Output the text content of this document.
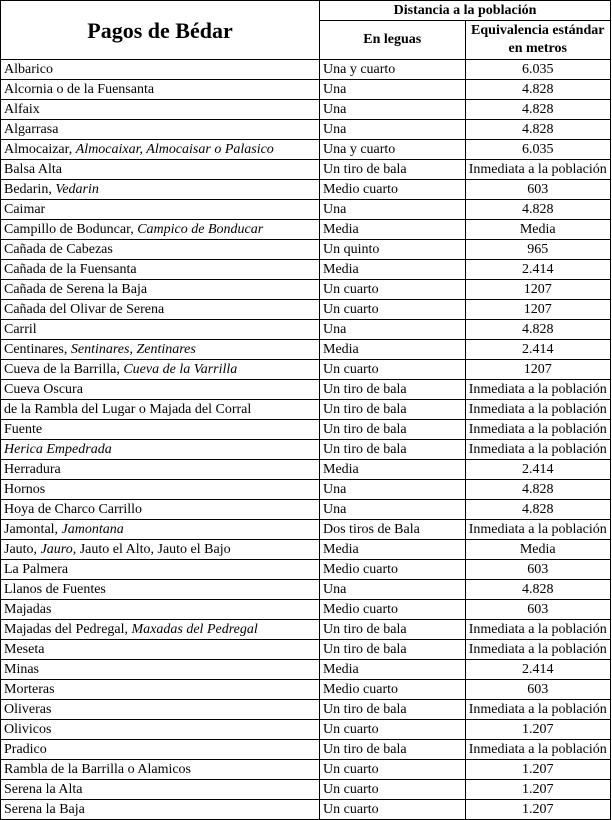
Pagos de Bédar	Distancia a la población	
	En leguas	Equivalencia estándar en metros
Albarico	Una y cuarto	6.035
Alcornia o de la Fuensanta	Una	4.828
Alfaix	Una	4.828
Algarrasa	Una	4.828
Almocaizar, Almocaixar, Almocaisar o Palasico	Una y cuarto	6.035
Balsa Alta	Un tiro de bala	Inmediata a la población
Bedarin, Vedarin	Medio cuarto	603
Caimar	Una	4.828
Campillo de Boduncar, Campico de Bonducar	Media	Media
Cañada de Cabezas	Un quinto	965
Cañada de la Fuensanta	Media	2.414
Cañada de Serena la Baja	Un cuarto	1207
Cañada del Olivar de Serena	Un cuarto	1207
Carril	Una	4.828
Centinares, Sentinares, Zentinares	Media	2.414
Cueva de la Barrilla, Cueva de la Varrilla	Un cuarto	1207
Cueva Oscura	Un tiro de bala	Inmediata a la población
de la Rambla del Lugar o Majada del Corral	Un tiro de bala	Inmediata a la población
Fuente	Un tiro de bala	Inmediata a la población
Herica Empedrada	Un tiro de bala	Inmediata a la población
Herradura	Media	2.414
Hornos	Una	4.828
Hoya de Charco Carrillo	Una	4.828
Jamontal, Jamontana	Dos tiros de Bala	Inmediata a la población
Jauto, Jauro, Jauto el Alto, Jauto el Bajo	Media	Media
La Palmera	Medio cuarto	603
Llanos de Fuentes	Una	4.828
Majadas	Medio cuarto	603
Majadas del Pedregal, Maxadas del Pedregal	Un tiro de bala	Inmediata a la población
Meseta	Un tiro de bala	Inmediata a la población
Minas	Media	2.414
Morteras	Medio cuarto	603
Oliveras	Un tiro de bala	Inmediata a la población
Olivicos	Un cuarto	1.207
Pradico	Un tiro de bala	Inmediata a la población
Rambla de la Barrilla o Alamicos	Un cuarto	1.207
Serena la Alta	Un cuarto	1.207
Serena la Baja	Un cuarto	1.207
